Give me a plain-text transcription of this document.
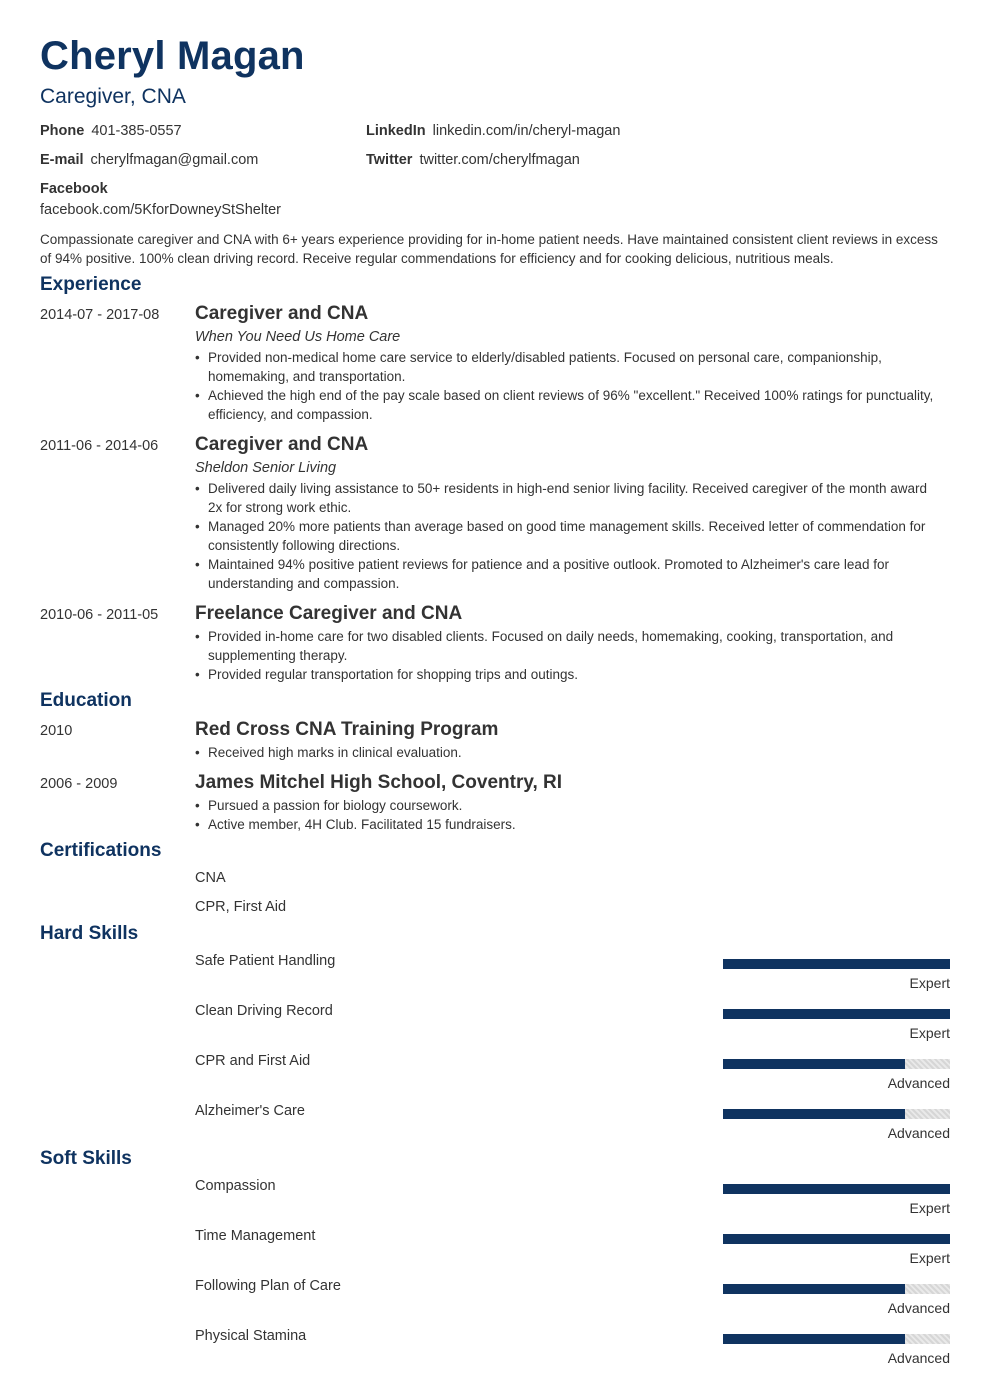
Cheryl Magan
Caregiver, CNA
Phone 401-385-0557
E-mail cherylfmagan@gmail.com
Facebook
facebook.com/5KforDowneyStShelter
LinkedIn linkedin.com/in/cheryl-magan
Twitter twitter.com/cherylfmagan
Compassionate caregiver and CNA with 6+ years experience providing for in-home patient needs. Have maintained consistent client reviews in excess of 94% positive. 100% clean driving record. Receive regular commendations for efficiency and for cooking delicious, nutritious meals.
Experience
2014-07 - 2017-08 Caregiver and CNA
When You Need Us Home Care
• Provided non-medical home care service to elderly/disabled patients. Focused on personal care, companionship, homemaking, and transportation.
• Achieved the high end of the pay scale based on client reviews of 96% "excellent." Received 100% ratings for punctuality, efficiency, and compassion.
2011-06 - 2014-06 Caregiver and CNA
Sheldon Senior Living
• Delivered daily living assistance to 50+ residents in high-end senior living facility. Received caregiver of the month award 2x for strong work ethic.
• Managed 20% more patients than average based on good time management skills. Received letter of commendation for consistently following directions.
• Maintained 94% positive patient reviews for patience and a positive outlook. Promoted to Alzheimer's care lead for understanding and compassion.
2010-06 - 2011-05 Freelance Caregiver and CNA
• Provided in-home care for two disabled clients. Focused on daily needs, homemaking, cooking, transportation, and supplementing therapy.
• Provided regular transportation for shopping trips and outings.
Education
2010	Red Cross CNA Training Program
• Received high marks in clinical evaluation.
2006 - 2009	James Mitchel High School, Coventry, RI
• Pursued a passion for biology coursework.
• Active member, 4H Club. Facilitated 15 fundraisers.
Certifications
CNA
CPR, First Aid
Hard Skills
Safe Patient Handling
Expert
Clean Driving Record
Expert
CPR and First Aid
Advanced
Alzheimer's Care
Advanced
Soft Skills
Compassion
Expert
Time Management
Expert
Following Plan of Care
Advanced
Physical Stamina
Advanced
